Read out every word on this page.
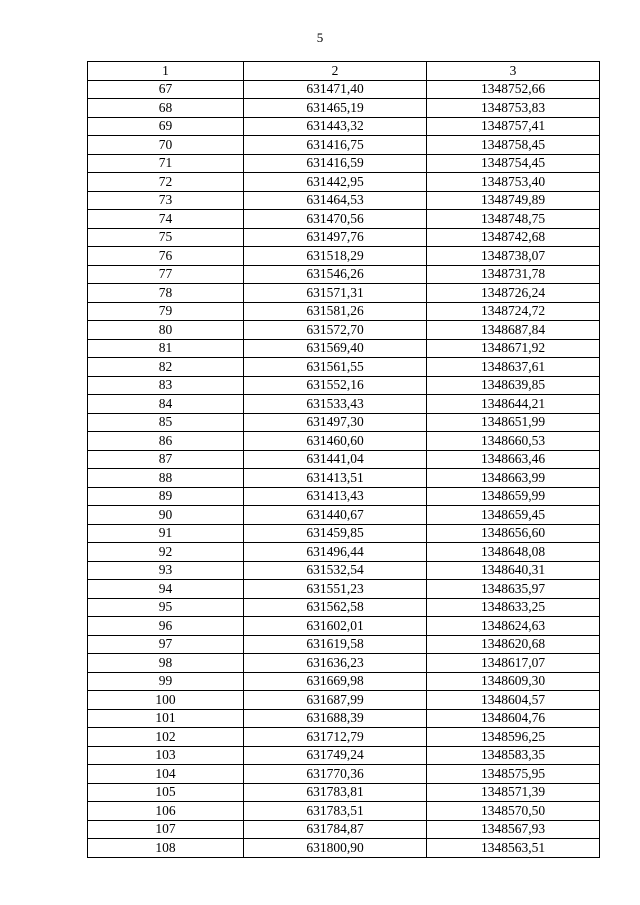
5
1	2	3
67	631471,40	1348752,66
68	631465,19	1348753,83
69	631443,32	1348757,41
70	631416,75	1348758,45
71	631416,59	1348754,45
72	631442,95	1348753,40
73	631464,53	1348749,89
74	631470,56	1348748,75
75	631497,76	1348742,68
76	631518,29	1348738,07
77	631546,26	1348731,78
78	631571,31	1348726,24
79	631581,26	1348724,72
80	631572,70	1348687,84
81	631569,40	1348671,92
82	631561,55	1348637,61
83	631552,16	1348639,85
84	631533,43	1348644,21
85	631497,30	1348651,99
86	631460,60	1348660,53
87	631441,04	1348663,46
88	631413,51	1348663,99
89	631413,43	1348659,99
90	631440,67	1348659,45
91	631459,85	1348656,60
92	631496,44	1348648,08
93	631532,54	1348640,31
94	631551,23	1348635,97
95	631562,58	1348633,25
96	631602,01	1348624,63
97	631619,58	1348620,68
98	631636,23	1348617,07
99	631669,98	1348609,30
100	631687,99	1348604,57
101	631688,39	1348604,76
102	631712,79	1348596,25
103	631749,24	1348583,35
104	631770,36	1348575,95
105	631783,81	1348571,39
106	631783,51	1348570,50
107	631784,87	1348567,93
108	631800,90	1348563,51
